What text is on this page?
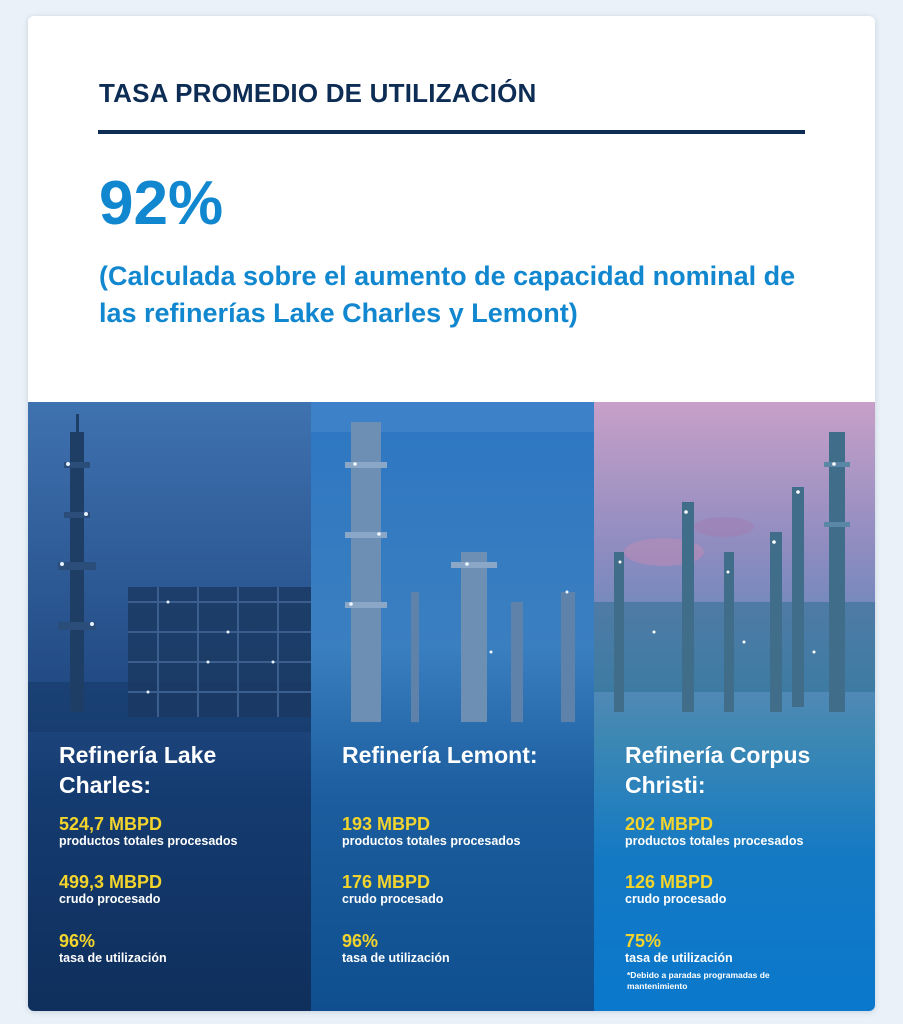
TASA PROMEDIO DE UTILIZACIÓN
92%
(Calculada sobre el aumento de capacidad nominal de las refinerías Lake Charles y Lemont)
Refinería Lake Charles:
524,7 MBPD
productos totales procesados
499,3 MBPD
crudo procesado
96%
tasa de utilización
Refinería Lemont:
193 MBPD
productos totales procesados
176 MBPD
crudo procesado
96%
tasa de utilización
Refinería Corpus Christi:
202 MBPD
productos totales procesados
126 MBPD
crudo procesado
75%
tasa de utilización
*Debido a paradas programadas de mantenimiento
